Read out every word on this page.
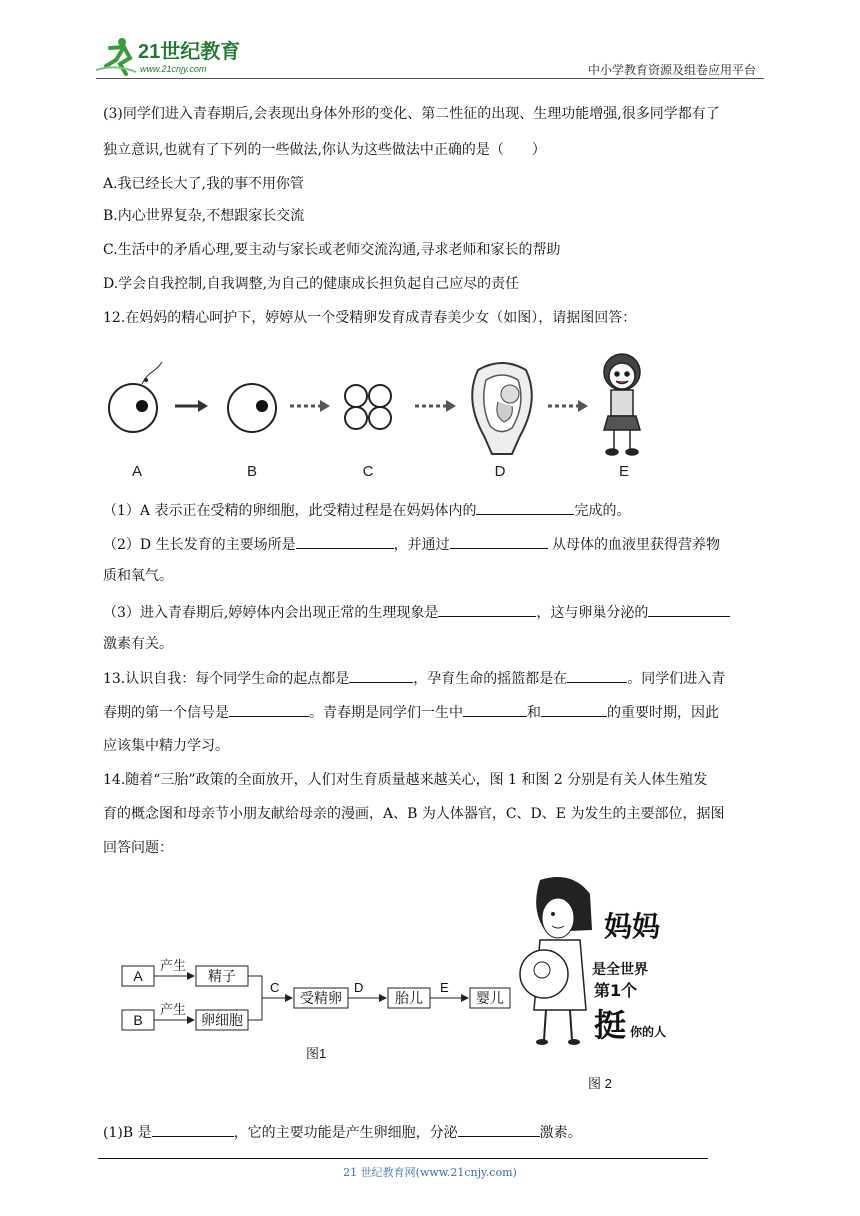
21世纪教育
www.21cnjy.com	中小学教育资源及组卷应用平台
(3)同学们进入青春期后,会表现出身体外形的变化、第二性征的出现、生理功能增强,很多同学都有了
独立意识,也就有了下列的一些做法,你认为这些做法中正确的是（　　）
A.我已经长大了,我的事不用你管
B.内心世界复杂,不想跟家长交流
C.生活中的矛盾心理,要主动与家长或老师交流沟通,寻求老师和家长的帮助
D.学会自我控制,自我调整,为自己的健康成长担负起自己应尽的责任
12.在妈妈的精心呵护下，婷婷从一个受精卵发育成青春美少女（如图），请据图回答：
A	B	C	D	E
（1）A 表示正在受精的卵细胞，此受精过程是在妈妈体内的	完成的。
（2）D 生长发育的主要场所是	，并通过	从母体的血液里获得营养物
质和氧气。
（3）进入青春期后,婷婷体内会出现正常的生理现象是	，这与卵巢分泌的
激素有关。
13.认识自我：每个同学生命的起点都是	，孕育生命的摇篮都是在	。同学们进入青
春期的第一个信号是	。青春期是同学们一生中	和	的重要时期，因此
应该集中精力学习。
14.随着“三胎”政策的全面放开，人们对生育质量越来越关心，图 1 和图 2 分别是有关人体生殖发
育的概念图和母亲节小朋友献给母亲的漫画，A、B 为人体器官，C、D、E 为发生的主要部位，据图
回答问题：
A
B
产生
产生
精子
卵细胞
C
受精卵
D
胎儿
E
婴儿
图1
妈妈
是全世界
第1个
挺 你的人
图 2
(1)B 是	，它的主要功能是产生卵细胞，分泌	激素。
21 世纪教育网(www.21cnjy.com)
